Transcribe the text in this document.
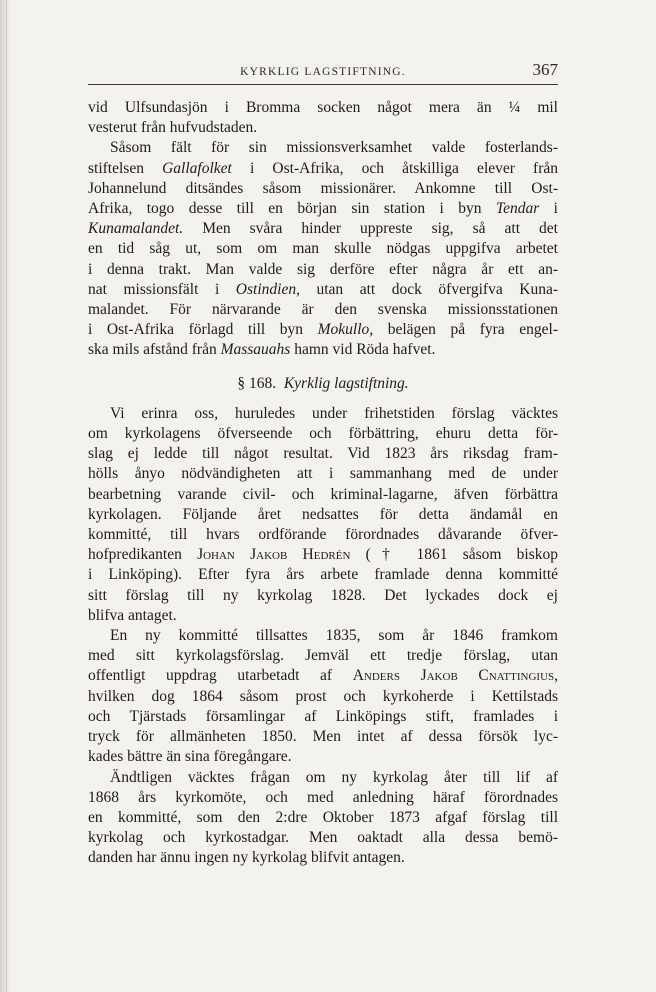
KYRKLIG LAGSTIFTNING.	367
vid Ulfsundasjön i Bromma socken något mera än ¼ mil
vesterut från hufvudstaden.
Såsom fält för sin missionsverksamhet valde fosterlands-
stiftelsen Gallafolket i Ost-Afrika, och åtskilliga elever från
Johannelund ditsändes såsom missionärer. Ankomne till Ost-
Afrika, togo desse till en början sin station i byn Tendar i
Kunamalandet. Men svåra hinder uppreste sig, så att det
en tid såg ut, som om man skulle nödgas uppgifva arbetet
i denna trakt. Man valde sig derföre efter några år ett an-
nat missionsfält i Ostindien, utan att dock öfvergifva Kuna-
malandet. För närvarande är den svenska missionsstationen
i Ost-Afrika förlagd till byn Mokullo, belägen på fyra engel-
ska mils afstånd från Massauahs hamn vid Röda hafvet.
§ 168. Kyrklig lagstiftning.
Vi erinra oss, huruledes under frihetstiden förslag väcktes
om kyrkolagens öfverseende och förbättring, ehuru detta för-
slag ej ledde till något resultat. Vid 1823 års riksdag fram-
hölls ånyo nödvändigheten att i sammanhang med de under
bearbetning varande civil- och kriminal-lagarne, äfven förbättra
kyrkolagen. Följande året nedsattes för detta ändamål en
kommitté, till hvars ordförande förordnades dåvarande öfver-
hofpredikanten Johan Jakob Hedrén († 1861 såsom biskop
i Linköping). Efter fyra års arbete framlade denna kommitté
sitt förslag till ny kyrkolag 1828. Det lyckades dock ej
blifva antaget.
En ny kommitté tillsattes 1835, som år 1846 framkom
med sitt kyrkolagsförslag. Jemväl ett tredje förslag, utan
offentligt uppdrag utarbetadt af Anders Jakob Cnattingius,
hvilken dog 1864 såsom prost och kyrkoherde i Kettilstads
och Tjärstads församlingar af Linköpings stift, framlades i
tryck för allmänheten 1850. Men intet af dessa försök lyc-
kades bättre än sina föregångare.
Ändtligen väcktes frågan om ny kyrkolag åter till lif af
1868 års kyrkomöte, och med anledning häraf förordnades
en kommitté, som den 2:dre Oktober 1873 afgaf förslag till
kyrkolag och kyrkostadgar. Men oaktadt alla dessa bemö-
danden har ännu ingen ny kyrkolag blifvit antagen.
